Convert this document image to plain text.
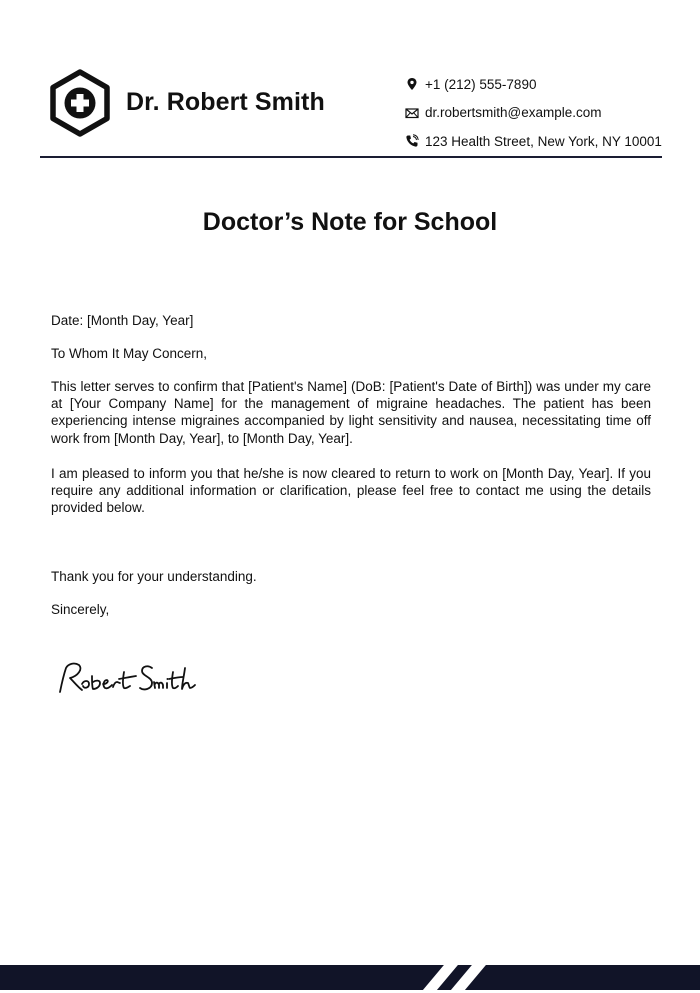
Dr. Robert Smith
+1 (212) 555-7890
dr.robertsmith@example.com
123 Health Street, New York, NY 10001
Doctor’s Note for School
Date: [Month Day, Year]
To Whom It May Concern,
This letter serves to confirm that [Patient's Name] (DoB: [Patient's Date of Birth]) was under my care at [Your Company Name] for the management of migraine headaches. The patient has been experiencing intense migraines accompanied by light sensitivity and nausea, necessitating time off work from [Month Day, Year], to [Month Day, Year].
I am pleased to inform you that he/she is now cleared to return to work on [Month Day, Year]. If you require any additional information or clarification, please feel free to contact me using the details provided below.
Thank you for your understanding.
Sincerely,
